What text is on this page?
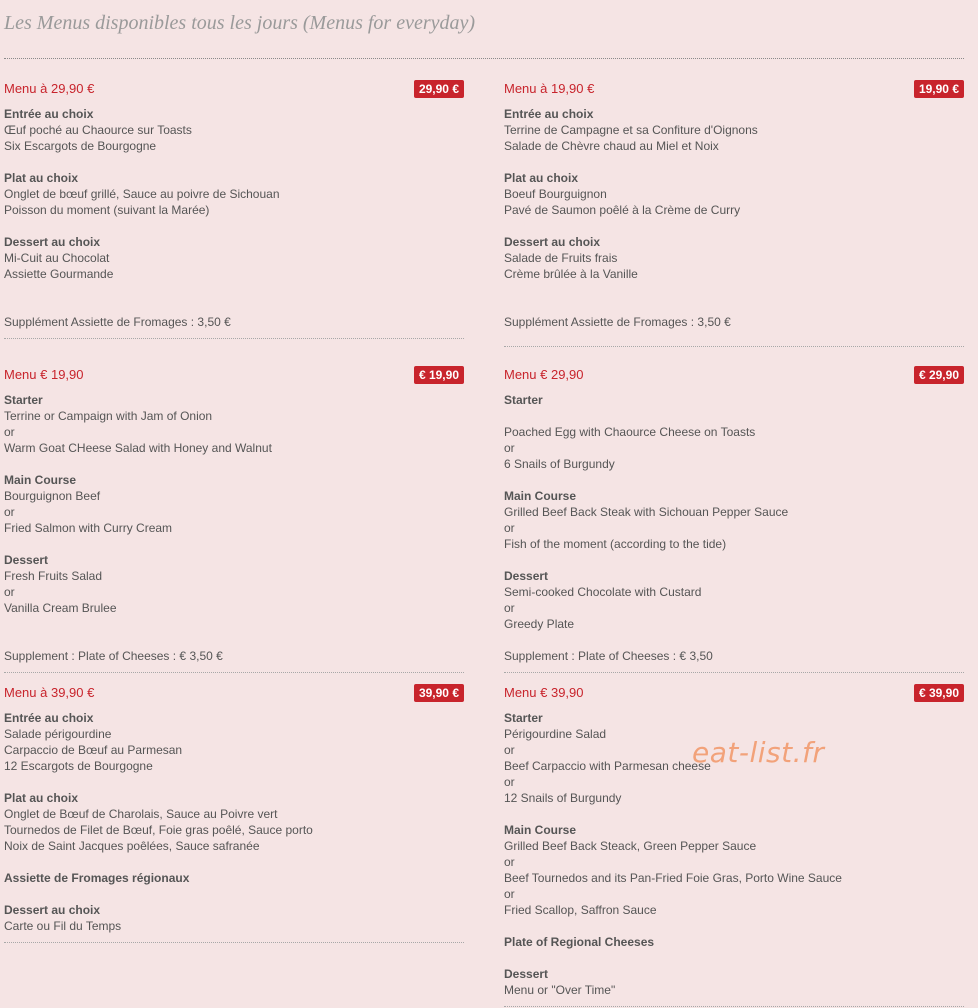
Les Menus disponibles tous les jours (Menus for everyday)
Menu à 29,90 €	29,90 €
Entrée au choix
Œuf poché au Chaource sur Toasts
Six Escargots de Bourgogne
Plat au choix
Onglet de bœuf grillé, Sauce au poivre de Sichouan
Poisson du moment (suivant la Marée)
Dessert au choix
Mi-Cuit au Chocolat
Assiette Gourmande
Supplément Assiette de Fromages : 3,50 €
Menu à 19,90 €	19,90 €
Entrée au choix
Terrine de Campagne et sa Confiture d'Oignons
Salade de Chèvre chaud au Miel et Noix
Plat au choix
Boeuf Bourguignon
Pavé de Saumon poêlé à la Crème de Curry
Dessert au choix
Salade de Fruits frais
Crème brûlée à la Vanille
Supplément Assiette de Fromages : 3,50 €
Menu € 19,90	€ 19,90
Starter
Terrine or Campaign with Jam of Onion
or
Warm Goat CHeese Salad with Honey and Walnut
Main Course
Bourguignon Beef
or
Fried Salmon with Curry Cream
Dessert
Fresh Fruits Salad
or
Vanilla Cream Brulee
Supplement : Plate of Cheeses : € 3,50 €
Menu € 29,90	€ 29,90
Starter
Poached Egg with Chaource Cheese on Toasts
or
6 Snails of Burgundy
Main Course
Grilled Beef Back Steak with Sichouan Pepper Sauce
or
Fish of the moment (according to the tide)
Dessert
Semi-cooked Chocolate with Custard
or
Greedy Plate
Supplement : Plate of Cheeses : € 3,50
Menu à 39,90 €	39,90 €
Entrée au choix
Salade périgourdine
Carpaccio de Bœuf au Parmesan
12 Escargots de Bourgogne
Plat au choix
Onglet de Bœuf de Charolais, Sauce au Poivre vert
Tournedos de Filet de Bœuf, Foie gras poêlé, Sauce porto
Noix de Saint Jacques poêlées, Sauce safranée
Assiette de Fromages régionaux
Dessert au choix
Carte ou Fil du Temps
Menu € 39,90	€ 39,90
Starter
Périgourdine Salad
or
Beef Carpaccio with Parmesan cheese
or
12 Snails of Burgundy
Main Course
Grilled Beef Back Steack, Green Pepper Sauce
or
Beef Tournedos and its Pan-Fried Foie Gras, Porto Wine Sauce
or
Fried Scallop, Saffron Sauce
Plate of Regional Cheeses
Dessert
Menu or "Over Time"
eat-list.fr
